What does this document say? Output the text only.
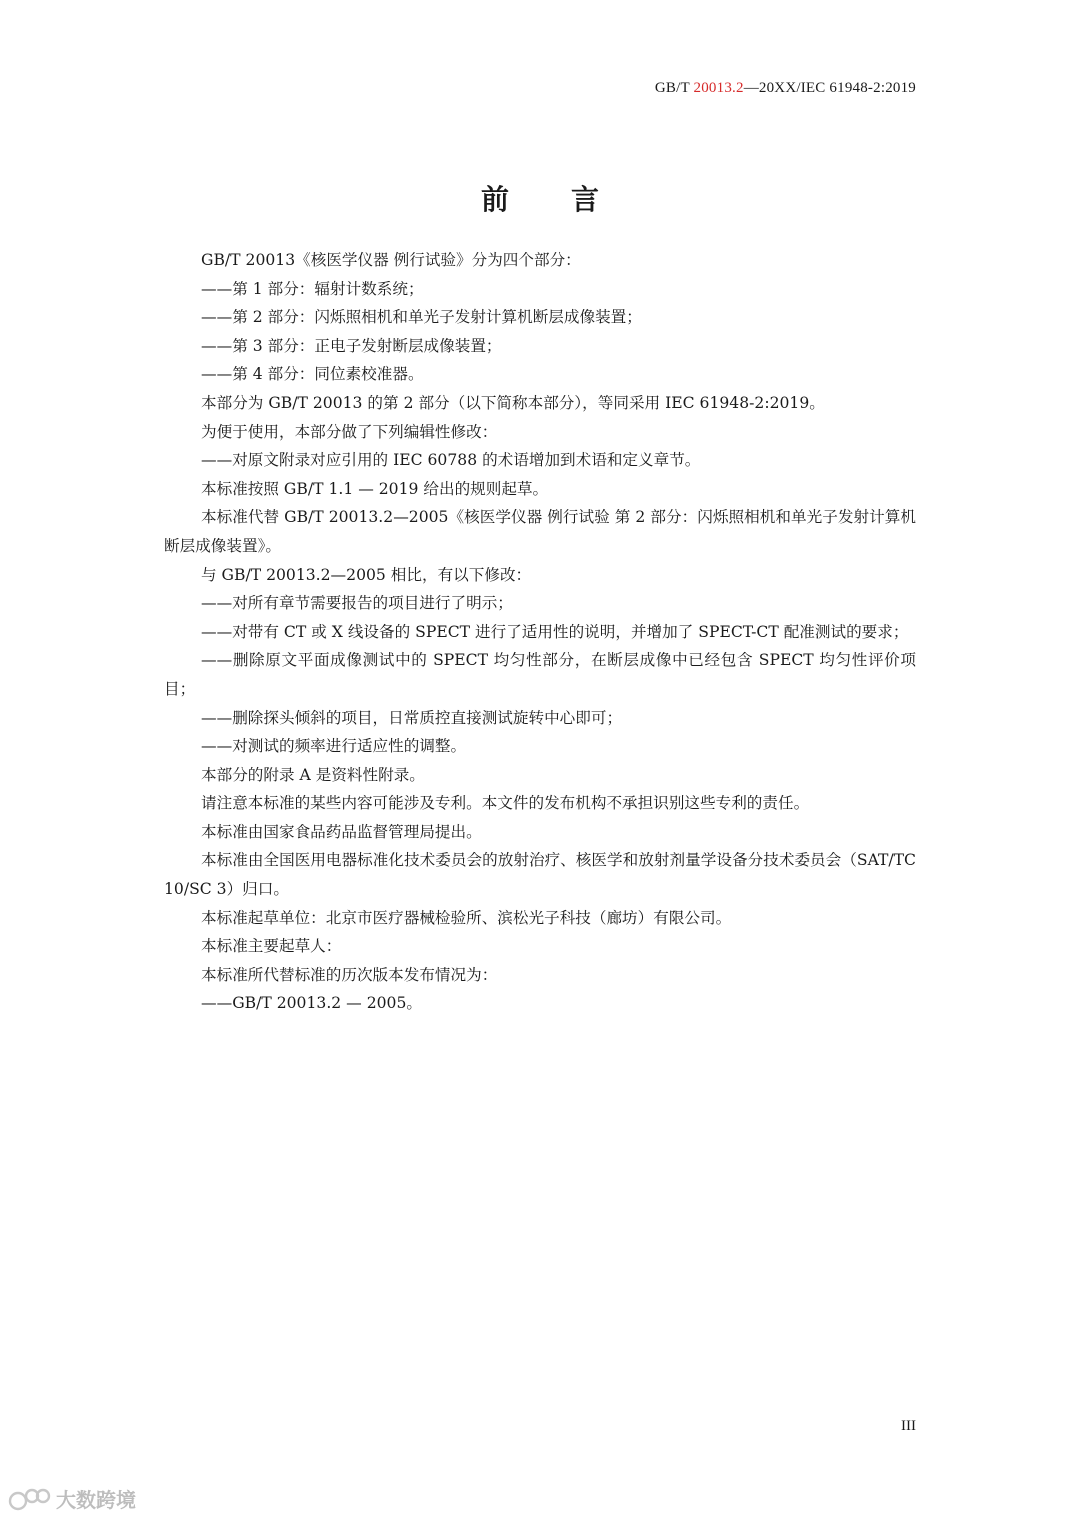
GB/T 20013.2—20XX/IEC 61948-2:2019
前 言

GB/T 20013《核医学仪器 例行试验》分为四个部分：

——第 1 部分：辐射计数系统；

——第 2 部分：闪烁照相机和单光子发射计算机断层成像装置；

——第 3 部分：正电子发射断层成像装置；

——第 4 部分：同位素校准器。

本部分为 GB/T 20013 的第 2 部分（以下简称本部分），等同采用 IEC 61948-2:2019。

为便于使用，本部分做了下列编辑性修改：

——对原文附录对应引用的 IEC 60788 的术语增加到术语和定义章节。

本标准按照 GB/T 1.1 — 2019 给出的规则起草。

本标准代替 GB/T 20013.2—2005《核医学仪器 例行试验 第 2 部分：闪烁照相机和单光子发射计算机断层成像装置》。

与 GB/T 20013.2—2005 相比，有以下修改：

——对所有章节需要报告的项目进行了明示；

——对带有 CT 或 X 线设备的 SPECT 进行了适用性的说明，并增加了 SPECT-CT 配准测试的要求；

——删除原文平面成像测试中的 SPECT 均匀性部分，在断层成像中已经包含 SPECT 均匀性评价项目；

——删除探头倾斜的项目，日常质控直接测试旋转中心即可；

——对测试的频率进行适应性的调整。

本部分的附录 A 是资料性附录。

请注意本标准的某些内容可能涉及专利。本文件的发布机构不承担识别这些专利的责任。

本标准由国家食品药品监督管理局提出。

本标准由全国医用电器标准化技术委员会的放射治疗、核医学和放射剂量学设备分技术委员会（SAT/TC 10/SC 3）归口。

本标准起草单位：北京市医疗器械检验所、滨松光子科技（廊坊）有限公司。

本标准主要起草人：

本标准所代替标准的历次版本发布情况为：

——GB/T 20013.2 — 2005。

III
大数跨境
